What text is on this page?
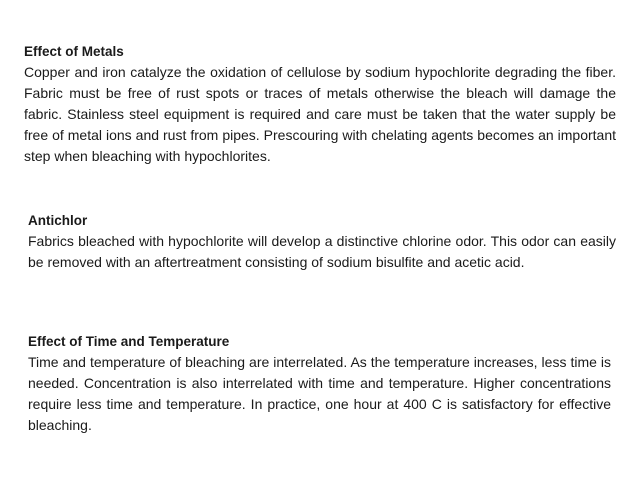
Effect of Metals

Copper and iron catalyze the oxidation of cellulose by sodium hypochlorite degrading the fiber. Fabric must be free of rust spots or traces of metals otherwise the bleach will damage the fabric. Stainless steel equipment is required and care must be taken that the water supply be free of metal ions and rust from pipes. Prescouring with chelating agents becomes an important step when bleaching with hypochlorites.

Antichlor

Fabrics bleached with hypochlorite will develop a distinctive chlorine odor. This odor can easily be removed with an aftertreatment consisting of sodium bisulfite and acetic acid.

Effect of Time and Temperature

Time and temperature of bleaching are interrelated. As the temperature increases, less time is needed. Concentration is also interrelated with time and temperature. Higher concentrations require less time and temperature. In practice, one hour at 400 C is satisfactory for effective bleaching.
